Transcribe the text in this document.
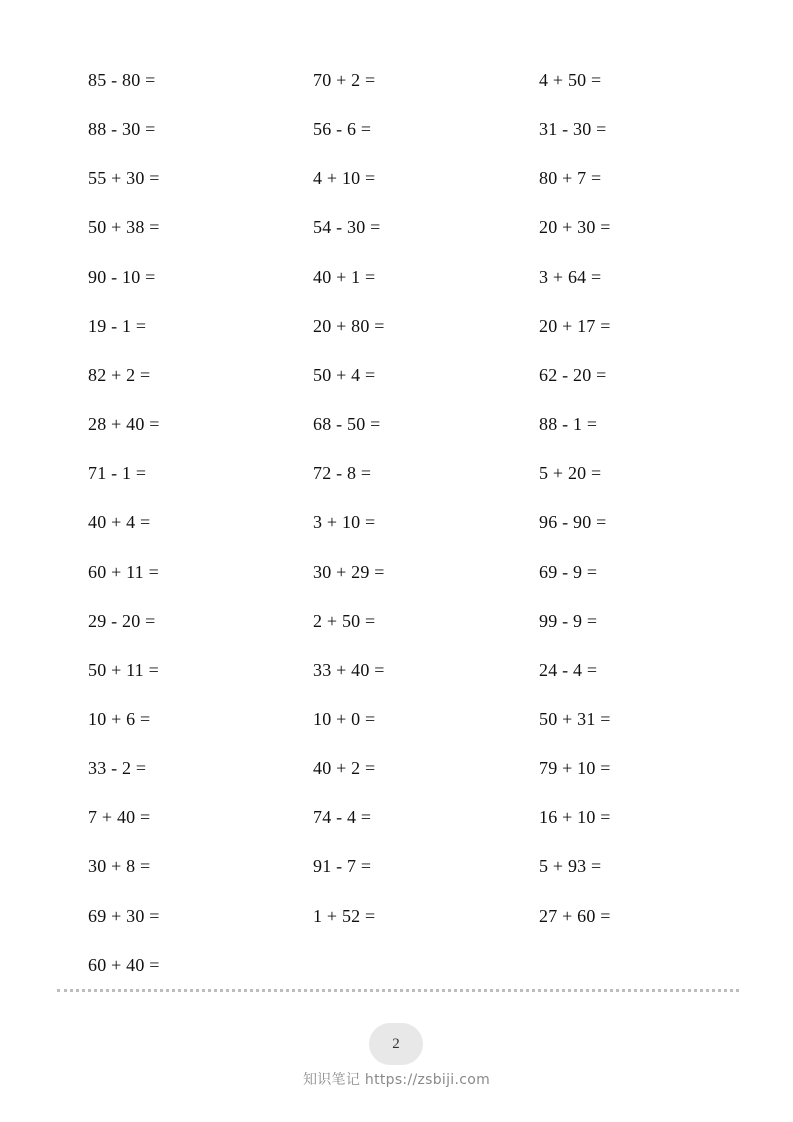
85 - 80 =
88 - 30 =
55 + 30 =
50 + 38 =
90 - 10 =
19 - 1 =
82 + 2 =
28 + 40 =
71 - 1 =
40 + 4 =
60 + 11 =
29 - 20 =
50 + 11 =
10 + 6 =
33 - 2 =
7 + 40 =
30 + 8 =
69 + 30 =
60 + 40 =
70 + 2 =
56 - 6 =
4 + 10 =
54 - 30 =
40 + 1 =
20 + 80 =
50 + 4 =
68 - 50 =
72 - 8 =
3 + 10 =
30 + 29 =
2 + 50 =
33 + 40 =
10 + 0 =
40 + 2 =
74 - 4 =
91 - 7 =
1 + 52 =
4 + 50 =
31 - 30 =
80 + 7 =
20 + 30 =
3 + 64 =
20 + 17 =
62 - 20 =
88 - 1 =
5 + 20 =
96 - 90 =
69 - 9 =
99 - 9 =
24 - 4 =
50 + 31 =
79 + 10 =
16 + 10 =
5 + 93 =
27 + 60 =
2
知识笔记 https://zsbiji.com
